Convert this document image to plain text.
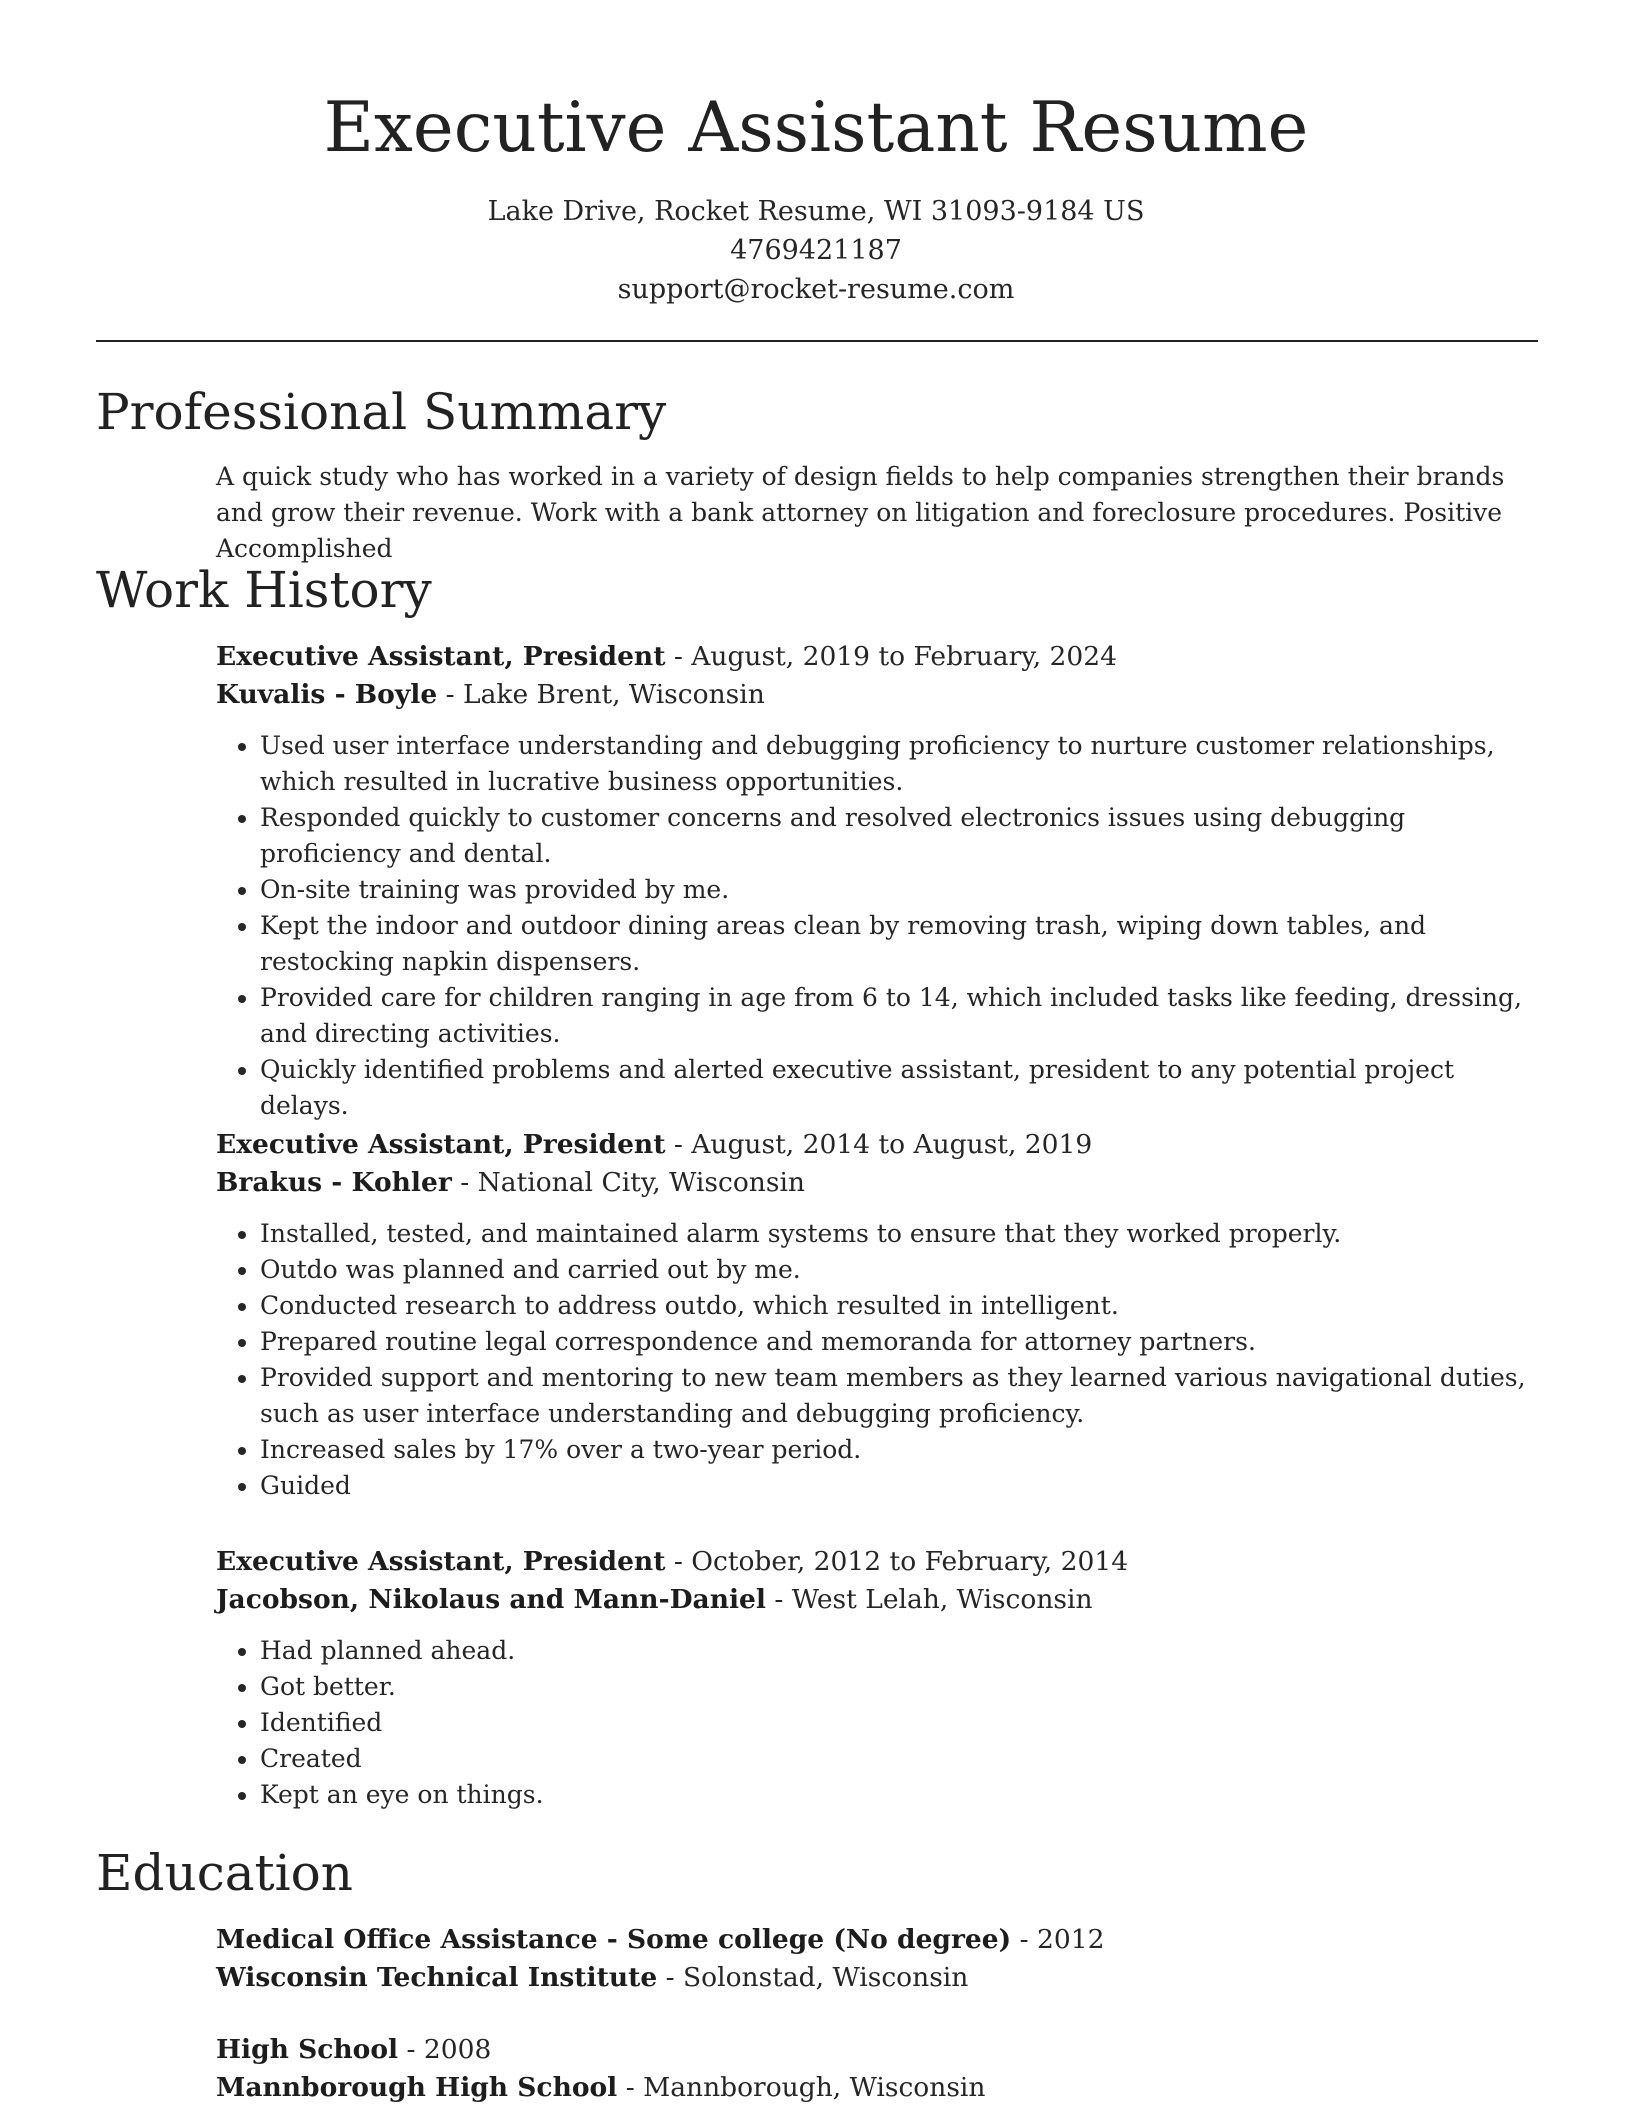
Executive Assistant Resume
Lake Drive, Rocket Resume, WI 31093-9184 US
4769421187
support@rocket-resume.com
Professional Summary

A quick study who has worked in a variety of design fields to help companies strengthen their brands and grow their revenue. Work with a bank attorney on litigation and foreclosure procedures. Positive Accomplished

Work History

Executive Assistant, President - August, 2019 to February, 2024

Kuvalis - Boyle - Lake Brent, Wisconsin

• Used user interface understanding and debugging proficiency to nurture customer relationships, which resulted in lucrative business opportunities.
• Responded quickly to customer concerns and resolved electronics issues using debugging proficiency and dental.
• On-site training was provided by me.
• Kept the indoor and outdoor dining areas clean by removing trash, wiping down tables, and restocking napkin dispensers.
• Provided care for children ranging in age from 6 to 14, which included tasks like feeding, dressing, and directing activities.
• Quickly identified problems and alerted executive assistant, president to any potential project delays.

Executive Assistant, President - August, 2014 to August, 2019

Brakus - Kohler - National City, Wisconsin

• Installed, tested, and maintained alarm systems to ensure that they worked properly.
• Outdo was planned and carried out by me.
• Conducted research to address outdo, which resulted in intelligent.
• Prepared routine legal correspondence and memoranda for attorney partners.
• Provided support and mentoring to new team members as they learned various navigational duties, such as user interface understanding and debugging proficiency.
• Increased sales by 17% over a two-year period.
• Guided

Executive Assistant, President - October, 2012 to February, 2014

Jacobson, Nikolaus and Mann-Daniel - West Lelah, Wisconsin

• Had planned ahead.
• Got better.
• Identified
• Created
• Kept an eye on things.
Education

Medical Office Assistance - Some college (No degree) - 2012

Wisconsin Technical Institute - Solonstad, Wisconsin

High School - 2008

Mannborough High School - Mannborough, Wisconsin
